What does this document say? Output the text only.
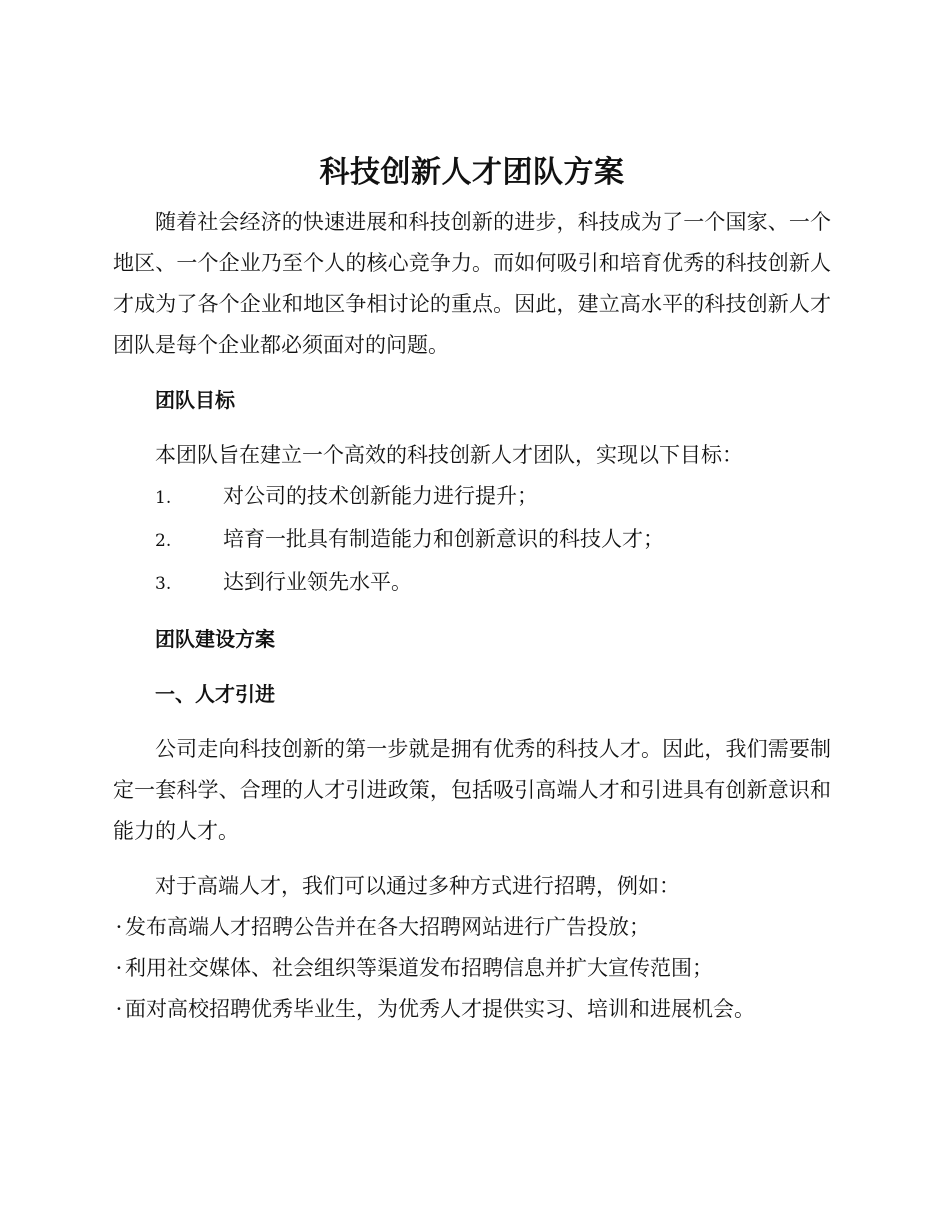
科技创新人才团队方案

随着社会经济的快速进展和科技创新的进步，科技成为了一个国家、一个地区、一个企业乃至个人的核心竞争力。而如何吸引和培育优秀的科技创新人才成为了各个企业和地区争相讨论的重点。因此，建立高水平的科技创新人才团队是每个企业都必须面对的问题。

团队目标

本团队旨在建立一个高效的科技创新人才团队，实现以下目标：

1.	对公司的技术创新能力进行提升；
2.	培育一批具有制造能力和创新意识的科技人才；
3.	达到行业领先水平。

团队建设方案

一、人才引进

公司走向科技创新的第一步就是拥有优秀的科技人才。因此，我们需要制定一套科学、合理的人才引进政策，包括吸引高端人才和引进具有创新意识和能力的人才。

对于高端人才，我们可以通过多种方式进行招聘，例如：

· 发布高端人才招聘公告并在各大招聘网站进行广告投放；
· 利用社交媒体、社会组织等渠道发布招聘信息并扩大宣传范围；
· 面对高校招聘优秀毕业生，为优秀人才提供实习、培训和进展机会。
